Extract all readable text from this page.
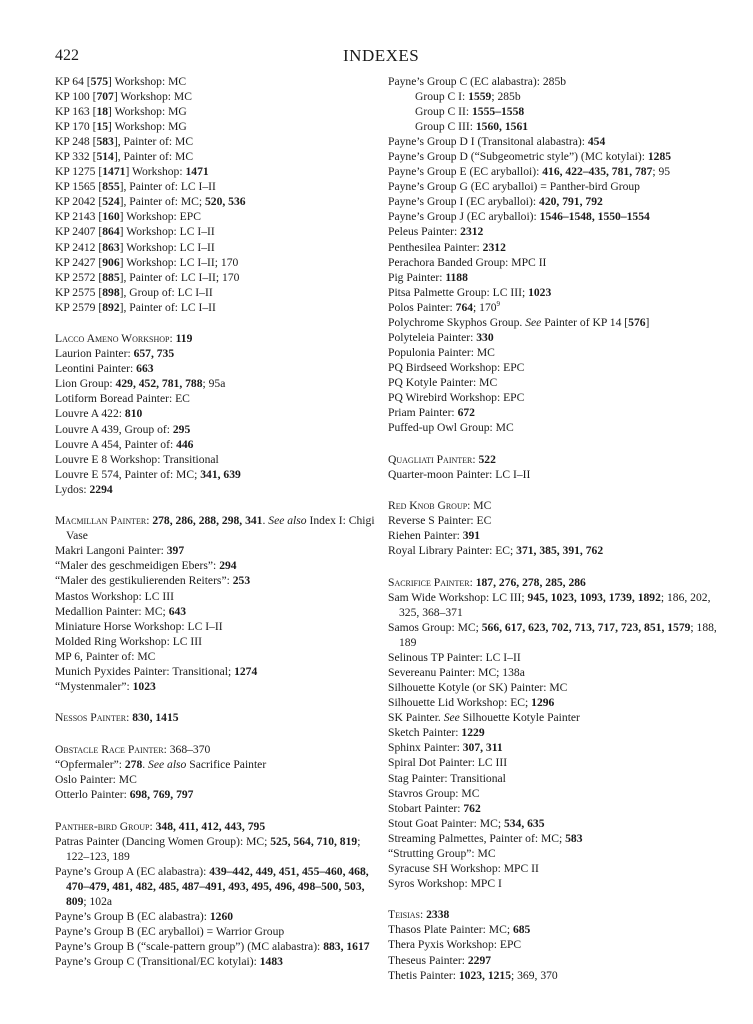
422	INDEXES
KP 64 [575] Workshop: MC
KP 100 [707] Workshop: MC
KP 163 [18] Workshop: MG
KP 170 [15] Workshop: MG
KP 248 [583], Painter of: MC
KP 332 [514], Painter of: MC
KP 1275 [1471] Workshop: 1471
KP 1565 [855], Painter of: LC I–II
KP 2042 [524], Painter of: MC; 520, 536
KP 2143 [160] Workshop: EPC
KP 2407 [864] Workshop: LC I–II
KP 2412 [863] Workshop: LC I–II
KP 2427 [906] Workshop: LC I–II; 170
KP 2572 [885], Painter of: LC I–II; 170
KP 2575 [898], Group of: LC I–II
KP 2579 [892], Painter of: LC I–II
Lacco Ameno Workshop: 119
Laurion Painter: 657, 735
Leontini Painter: 663
Lion Group: 429, 452, 781, 788; 95a
Lotiform Boread Painter: EC
Louvre A 422: 810
Louvre A 439, Group of: 295
Louvre A 454, Painter of: 446
Louvre E 8 Workshop: Transitional
Louvre E 574, Painter of: MC; 341, 639
Lydos: 2294
Macmillan Painter: 278, 286, 288, 298, 341. See also Index I: Chigi Vase
Makri Langoni Painter: 397
“Maler des geschmeidigen Ebers”: 294
“Maler des gestikulierenden Reiters”: 253
Mastos Workshop: LC III
Medallion Painter: MC; 643
Miniature Horse Workshop: LC I–II
Molded Ring Workshop: LC III
MP 6, Painter of: MC
Munich Pyxides Painter: Transitional; 1274
“Mystenmaler”: 1023
Nessos Painter: 830, 1415
Obstacle Race Painter: 368–370
“Opfermaler”: 278. See also Sacrifice Painter
Oslo Painter: MC
Otterlo Painter: 698, 769, 797
Panther-bird Group: 348, 411, 412, 443, 795
Patras Painter (Dancing Women Group): MC; 525, 564, 710, 819; 122–123, 189
Payne’s Group A (EC alabastra): 439–442, 449, 451, 455–460, 468, 470–479, 481, 482, 485, 487–491, 493, 495, 496, 498–500, 503, 809; 102a
Payne’s Group B (EC alabastra): 1260
Payne’s Group B (EC aryballoi) = Warrior Group
Payne’s Group B (“scale-pattern group”) (MC alabastra): 883, 1617
Payne’s Group C (Transitional/EC kotylai): 1483
Payne’s Group C (EC alabastra): 285b
Group C I: 1559; 285b
Group C II: 1555–1558
Group C III: 1560, 1561
Payne’s Group D I (Transitonal alabastra): 454
Payne’s Group D (“Subgeometric style”) (MC kotylai): 1285
Payne’s Group E (EC aryballoi): 416, 422–435, 781, 787; 95
Payne’s Group G (EC aryballoi) = Panther-bird Group
Payne’s Group I (EC aryballoi): 420, 791, 792
Payne’s Group J (EC aryballoi): 1546–1548, 1550–1554
Peleus Painter: 2312
Penthesilea Painter: 2312
Perachora Banded Group: MPC II
Pig Painter: 1188
Pitsa Palmette Group: LC III; 1023
Polos Painter: 764; $170^9$
Polychrome Skyphos Group. See Painter of KP 14 [576]
Polyteleia Painter: 330
Populonia Painter: MC
PQ Birdseed Workshop: EPC
PQ Kotyle Painter: MC
PQ Wirebird Workshop: EPC
Priam Painter: 672
Puffed-up Owl Group: MC
Quagliati Painter: 522
Quarter-moon Painter: LC I–II
Red Knob Group: MC
Reverse S Painter: EC
Riehen Painter: 391
Royal Library Painter: EC; 371, 385, 391, 762
Sacrifice Painter: 187, 276, 278, 285, 286
Sam Wide Workshop: LC III; 945, 1023, 1093, 1739, 1892; 186, 202, 325, 368–371
Samos Group: MC; 566, 617, 623, 702, 713, 717, 723, 851, 1579; 188, 189
Selinous TP Painter: LC I–II
Severeanu Painter: MC; 138a
Silhouette Kotyle (or SK) Painter: MC
Silhouette Lid Workshop: EC; 1296
SK Painter. See Silhouette Kotyle Painter
Sketch Painter: 1229
Sphinx Painter: 307, 311
Spiral Dot Painter: LC III
Stag Painter: Transitional
Stavros Group: MC
Stobart Painter: 762
Stout Goat Painter: MC; 534, 635
Streaming Palmettes, Painter of: MC; 583
“Strutting Group”: MC
Syracuse SH Workshop: MPC II
Syros Workshop: MPC I
Teisias: 2338
Thasos Plate Painter: MC; 685
Thera Pyxis Workshop: EPC
Theseus Painter: 2297
Thetis Painter: 1023, 1215; 369, 370
